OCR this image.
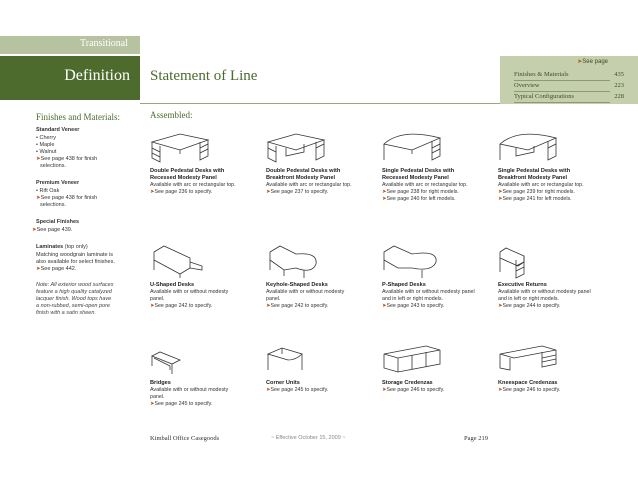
Transitional
Definition Statement of Line
➤See page
Finishes & Materials	435
Overview	223
Typical Configurations	228
Finishes and Materials:
Standard Veneer
• Cherry
• Maple
• Walnut
➤See page 438 for finish
selections.
Premium Veneer
• Rift Oak
➤See page 438 for finish
selections.
Special Finishes
➤See page 439.
Laminates (top only)
Matching woodgrain laminate is
also available for select finishes.
➤See page 442.
Note: All exterior wood surfaces
feature a high quality catalyzed
lacquer finish. Wood tops have
a non-rubbed, semi-open pore
finish with a satin sheen.
Assembled:
Double Pedestal Desks with
Recessed Modesty Panel
Available with arc or rectangular top.
➤See page 236 to specify.
Double Pedestal Desks with
Breakfront Modesty Panel
Available with arc or rectangular top.
➤See page 237 to specify.
Single Pedestal Desks with
Recessed Modesty Panel
Available with arc or rectangular top.
➤See page 238 for right models.
➤See page 240 for left models.
Single Pedestal Desks with
Breakfront Modesty Panel
Available with arc or rectangular top.
➤See page 239 for right models.
➤See page 241 for left models.
U-Shaped Desks
Available with or without modesty
panel.
➤See page 242 to specify.
Keyhole-Shaped Desks
Available with or without modesty
panel.
➤See page 242 to specify.
P-Shaped Desks
Available with or without modesty panel
and in left or right models.
➤See page 243 to specify.
Executive Returns
Available with or without modesty panel
and in left or right models.
➤See page 244 to specify.
Bridges
Available with or without modesty
panel.
➤See page 245 to specify.
Corner Units
➤See page 245 to specify.
Storage Credenzas
➤See page 246 to specify.
Kneespace Credenzas
➤See page 246 to specify.
Kimball Office Casegoods	~ Effective October 15, 2009 ~	Page 219
